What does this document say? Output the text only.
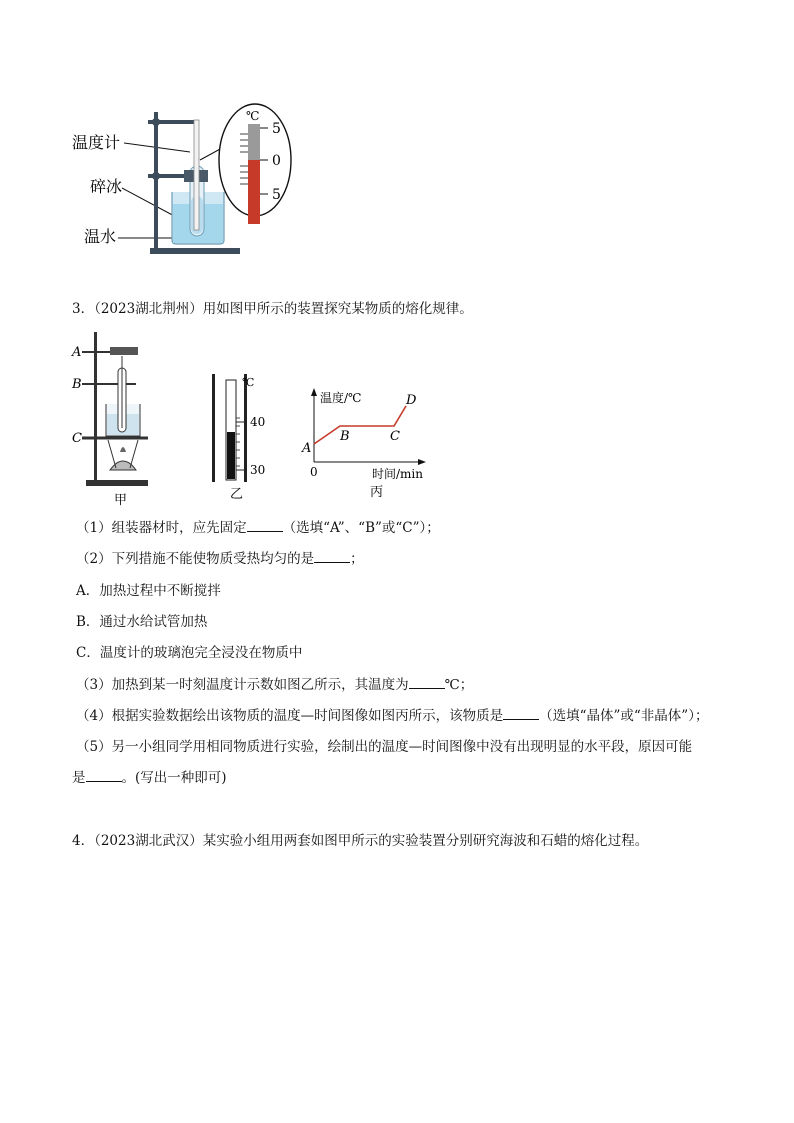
温度计
碎冰
温水
℃
5
0
5
3．（2023湖北荆州）用如图甲所示的装置探究某物质的熔化规律。
A
B
C
甲
℃
40
30
乙
温度/℃
时间/min
0
A
B	C
D
丙
（1）组装器材时，应先固定	（选填“A”、“B”或“C”）；
（2）下列措施不能使物质受热均匀的是	；
A．加热过程中不断搅拌
B．通过水给试管加热
C．温度计的玻璃泡完全浸没在物质中
（3）加热到某一时刻温度计示数如图乙所示，其温度为	℃；
（4）根据实验数据绘出该物质的温度—时间图像如图丙所示，该物质是	（选填“晶体”或“非晶体”）；
（5）另一小组同学用相同物质进行实验，绘制出的温度—时间图像中没有出现明显的水平段，原因可能
是	。(写出一种即可)
4．（2023湖北武汉）某实验小组用两套如图甲所示的实验装置分别研究海波和石蜡的熔化过程。
